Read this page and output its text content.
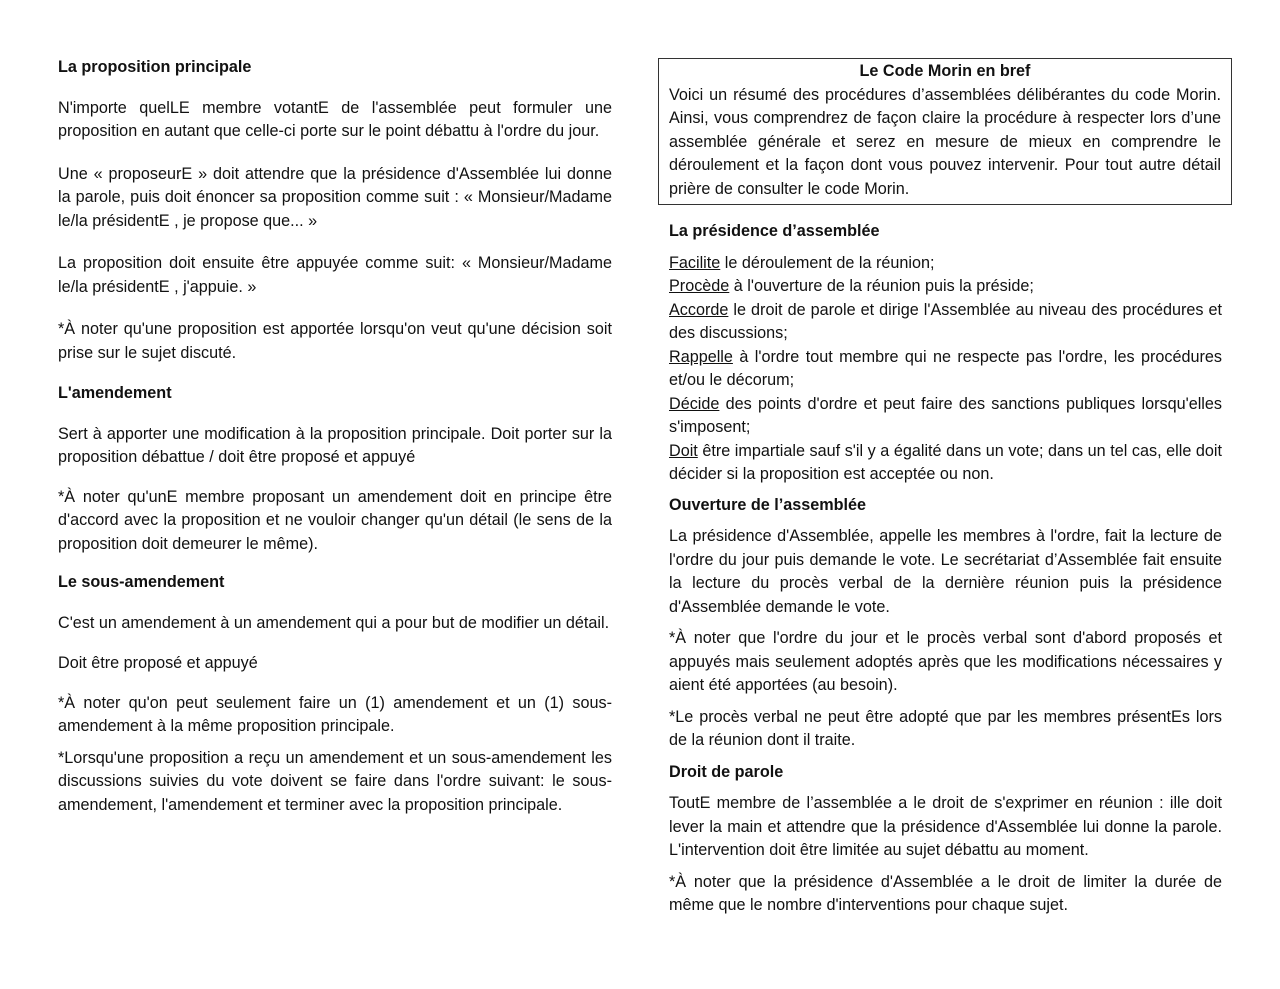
La proposition principale

N'importe quelLE membre votantE de l'assemblée peut formuler une proposition en autant que celle-ci porte sur le point débattu à l'ordre du jour.

Une « proposeurE » doit attendre que la présidence d'Assemblée lui donne la parole, puis doit énoncer sa proposition comme suit : « Monsieur/Madame le/la présidentE , je propose que... »

La proposition doit ensuite être appuyée comme suit: « Monsieur/Madame le/la présidentE , j'appuie. »

*À noter qu'une proposition est apportée lorsqu'on veut qu'une décision soit prise sur le sujet discuté.

L'amendement

Sert à apporter une modification à la proposition principale. Doit porter sur la proposition débattue / doit être proposé et appuyé

*À noter qu'unE membre proposant un amendement doit en principe être d'accord avec la proposition et ne vouloir changer qu'un détail (le sens de la proposition doit demeurer le même).

Le sous-amendement

C'est un amendement à un amendement qui a pour but de modifier un détail.

Doit être proposé et appuyé

*À noter qu'on peut seulement faire un (1) amendement et un (1) sous-amendement à la même proposition principale.

*Lorsqu'une proposition a reçu un amendement et un sous-amendement les discussions suivies du vote doivent se faire dans l'ordre suivant: le sous-amendement, l'amendement et terminer avec la proposition principale.

Le Code Morin en bref

Voici un résumé des procédures d’assemblées délibérantes du code Morin. Ainsi, vous comprendrez de façon claire la procédure à respecter lors d’une assemblée générale et serez en mesure de mieux en comprendre le déroulement et la façon dont vous pouvez intervenir. Pour tout autre détail prière de consulter le code Morin.

La présidence d’assemblée

Facilite le déroulement de la réunion;

Procède à l'ouverture de la réunion puis la préside;

Accorde le droit de parole et dirige l'Assemblée au niveau des procédures et des discussions;

Rappelle à l'ordre tout membre qui ne respecte pas l'ordre, les procédures et/ou le décorum;

Décide des points d'ordre et peut faire des sanctions publiques lorsqu'elles s'imposent;

Doit être impartiale sauf s'il y a égalité dans un vote; dans un tel cas, elle doit décider si la proposition est acceptée ou non.

Ouverture de l’assemblée

La présidence d'Assemblée, appelle les membres à l'ordre, fait la lecture de l'ordre du jour puis demande le vote. Le secrétariat d’Assemblée fait ensuite la lecture du procès verbal de la dernière réunion puis la présidence d'Assemblée demande le vote.

*À noter que l'ordre du jour et le procès verbal sont d'abord proposés et appuyés mais seulement adoptés après que les modifications nécessaires y aient été apportées (au besoin).

*Le procès verbal ne peut être adopté que par les membres présentEs lors de la réunion dont il traite.

Droit de parole

ToutE membre de l’assemblée a le droit de s'exprimer en réunion : ille doit lever la main et attendre que la présidence d'Assemblée lui donne la parole. L'intervention doit être limitée au sujet débattu au moment.

*À noter que la présidence d'Assemblée a le droit de limiter la durée de même que le nombre d'interventions pour chaque sujet.
